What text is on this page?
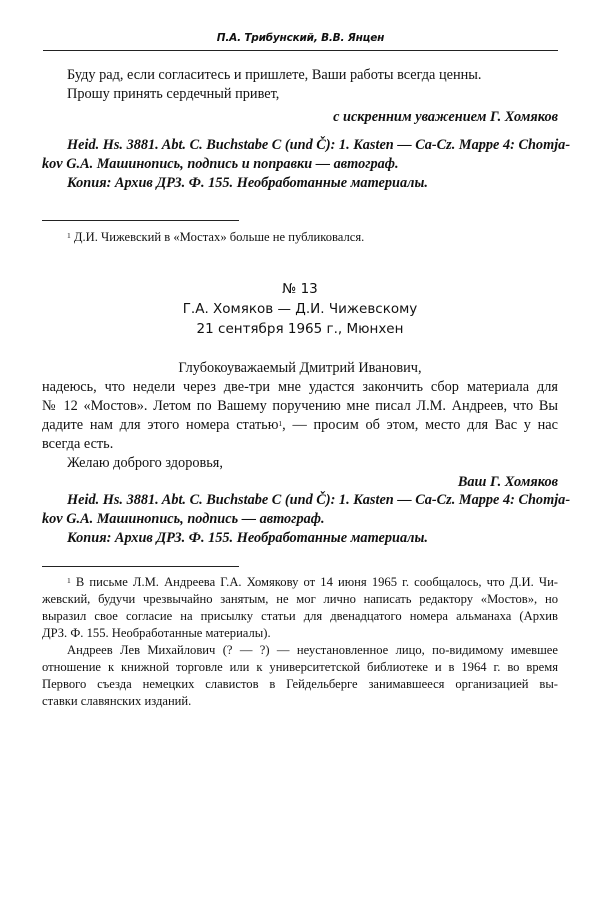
П.А. Трибунский, В.В. Янцен
Буду рад, если согласитесь и пришлете, Ваши работы всегда ценны.
Прошу принять сердечный привет,
с искренним уважением Г. Хомяков
Heid. Hs. 3881. Abt. C. Buchstabe C (und Č): 1. Kasten — Ca-Cz. Mappe 4: Chomja-
kov G.A. Машинопись, подпись и поправки — автограф.
Копия: Архив ДРЗ. Ф. 155. Необработанные материалы.
$^1$ Д.И. Чижевский в «Мостах» больше не публиковался.
№ 13
Г.А. Хомяков — Д.И. Чижевскому
21 сентября 1965 г., Мюнхен
Глубокоуважаемый Дмитрий Иванович,
надеюсь, что недели через две-три мне удастся закончить сбор материала для
№ 12 «Мостов». Летом по Вашему поручению мне писал Л.М. Андреев, что Вы
дадите нам для этого номера статью$^1$, — просим об этом, место для Вас у нас
всегда есть.
Желаю доброго здоровья,
Ваш Г. Хомяков
Heid. Hs. 3881. Abt. C. Buchstabe C (und Č): 1. Kasten — Ca-Cz. Mappe 4: Chomja-
kov G.A. Машинопись, подпись — автограф.
Копия: Архив ДРЗ. Ф. 155. Необработанные материалы.
$^1$ В письме Л.М. Андреева Г.А. Хомякову от 14 июня 1965 г. сообщалось, что Д.И. Чи-
жевский, будучи чрезвычайно занятым, не мог лично написать редактору «Мостов», но
выразил свое согласие на присылку статьи для двенадцатого номера альманаха (Архив
ДРЗ. Ф. 155. Необработанные материалы).
Андреев Лев Михайлович (? — ?) — неустановленное лицо, по-видимому имевшее
отношение к книжной торговле или к университетской библиотеке и в 1964 г. во время
Первого съезда немецких славистов в Гейдельберге занимавшееся организацией вы-
ставки славянских изданий.
